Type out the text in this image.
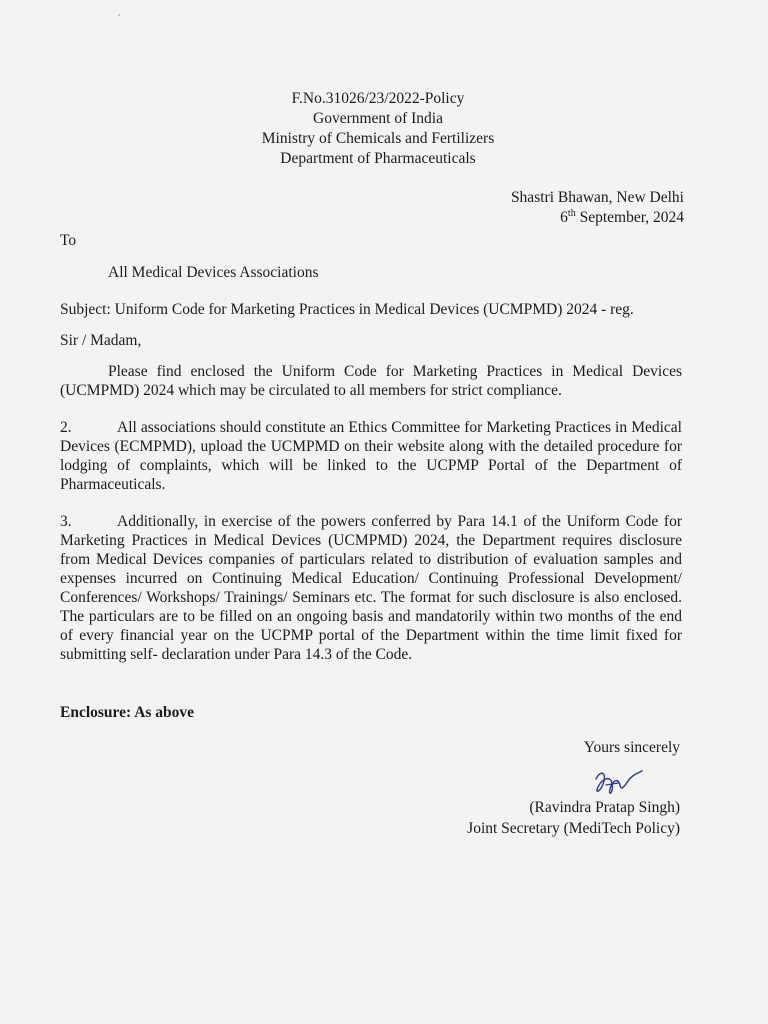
F.No.31026/23/2022-Policy
Government of India
Ministry of Chemicals and Fertilizers
Department of Pharmaceuticals
Shastri Bhawan, New Delhi
6th September, 2024
To
All Medical Devices Associations
Subject: Uniform Code for Marketing Practices in Medical Devices (UCMPMD) 2024 - reg.
Sir / Madam,
Please find enclosed the Uniform Code for Marketing Practices in Medical Devices (UCMPMD) 2024 which may be circulated to all members for strict compliance.
2.	All associations should constitute an Ethics Committee for Marketing Practices in Medical Devices (ECMPMD), upload the UCMPMD on their website along with the detailed procedure for lodging of complaints, which will be linked to the UCPMP Portal of the Department of Pharmaceuticals.
3.	Additionally, in exercise of the powers conferred by Para 14.1 of the Uniform Code for Marketing Practices in Medical Devices (UCMPMD) 2024, the Department requires disclosure from Medical Devices companies of particulars related to distribution of evaluation samples and expenses incurred on Continuing Medical Education/ Continuing Professional Development/ Conferences/ Workshops/ Trainings/ Seminars etc. The format for such disclosure is also enclosed. The particulars are to be filled on an ongoing basis and mandatorily within two months of the end of every financial year on the UCPMP portal of the Department within the time limit fixed for submitting self- declaration under Para 14.3 of the Code.
Enclosure: As above
Yours sincerely
(Ravindra Pratap Singh)
Joint Secretary (MediTech Policy)
